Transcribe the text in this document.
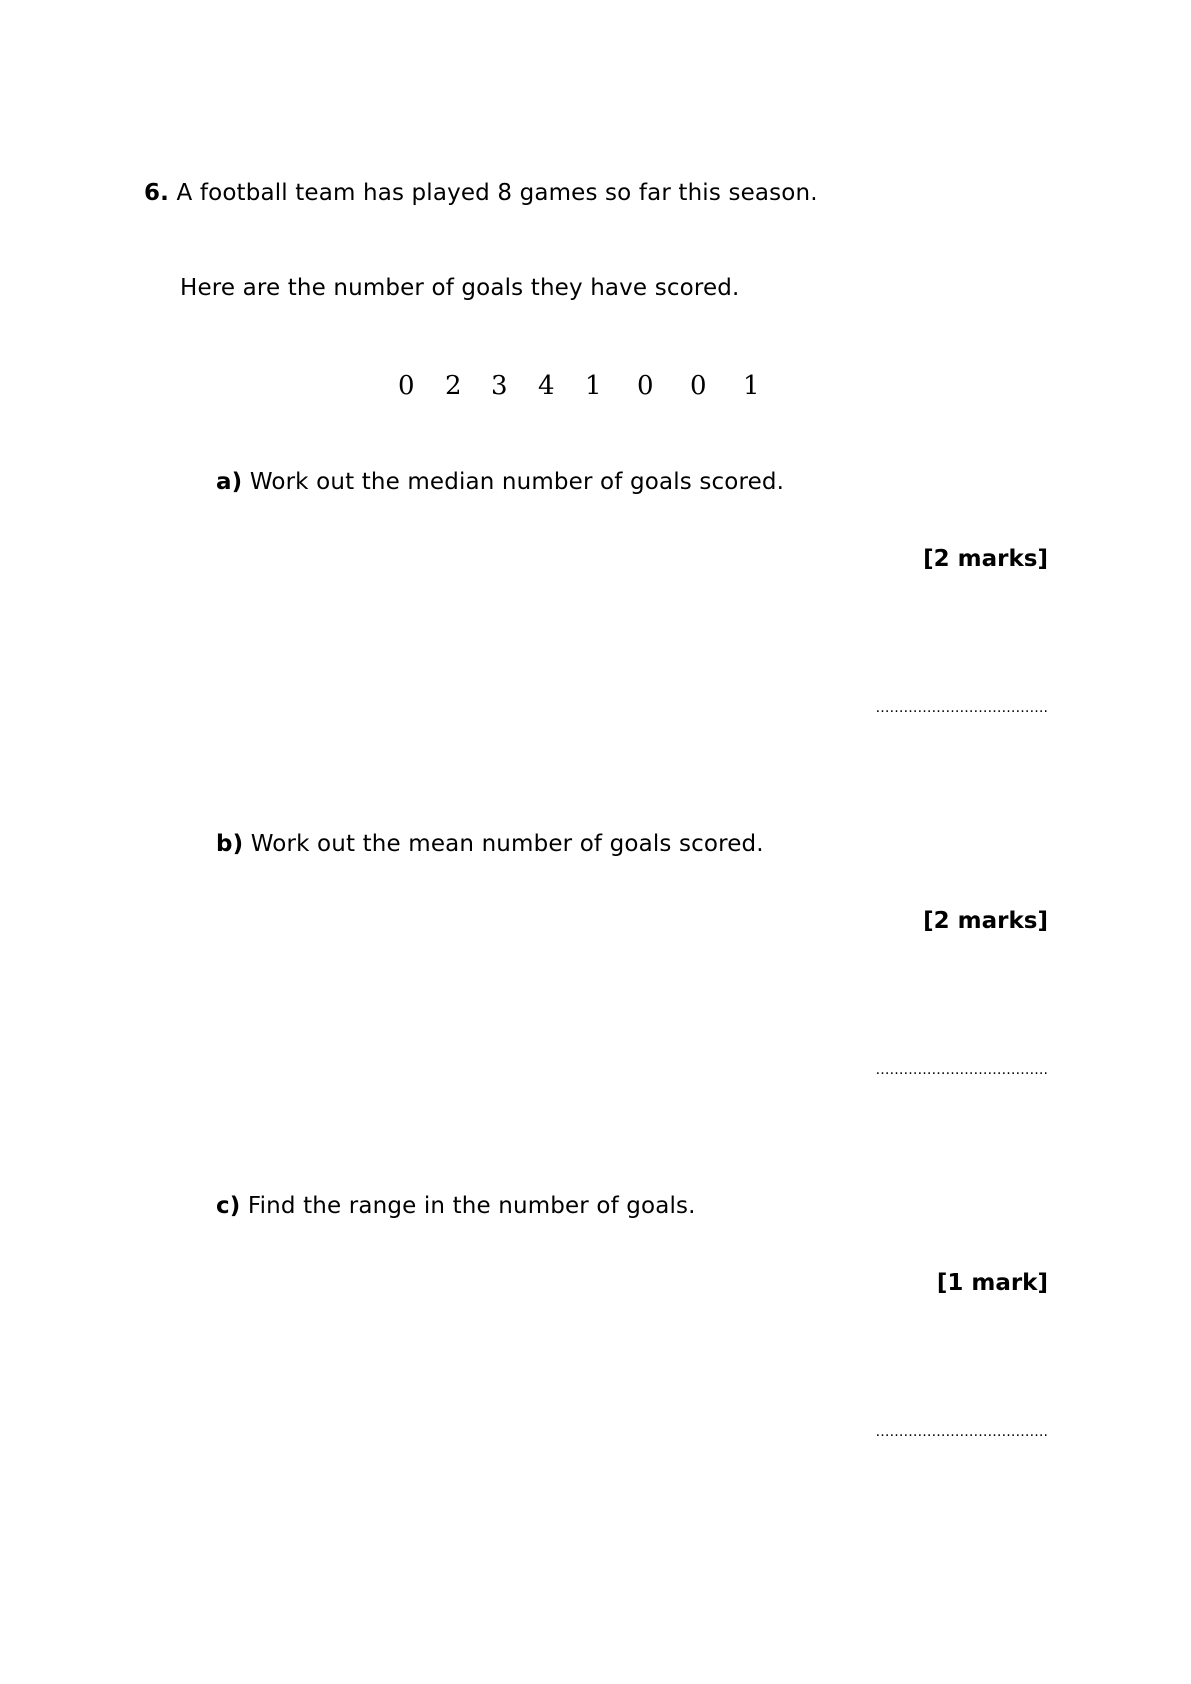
6. A football team has played 8 games so far this season.
Here are the number of goals they have scored.
0 2 3 4 1 0 0 1
a) Work out the median number of goals scored.
[2 marks]
……………………………….
b) Work out the mean number of goals scored.
[2 marks]
……………………………….
c) Find the range in the number of goals.
[1 mark]
……………………………….
